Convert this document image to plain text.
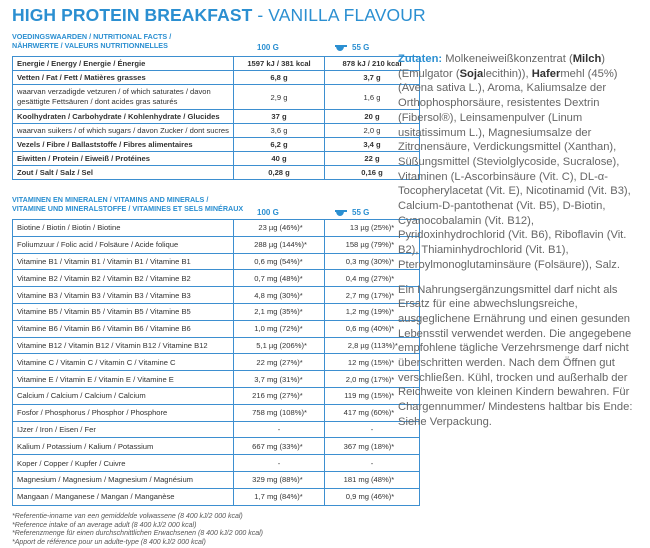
HIGH PROTEIN BREAKFAST - VANILLA FLAVOUR
VOEDINGSWAARDEN / NUTRITIONAL FACTS /
NÄHRWERTE / VALEURS NUTRITIONNELLES	100 G	55 G
Energie / Energy / Energie / Énergie	1597 kJ / 381 kcal	878 kJ / 210 kcal
Vetten / Fat / Fett / Matières grasses	6,8 g	3,7 g
waarvan verzadigde vetzuren / of which saturates / davon gesättigte Fettsäuren / dont acides gras saturés	2,9 g	1,6 g
Koolhydraten / Carbohydrate / Kohlenhydrate / Glucides	37 g	20 g
waarvan suikers / of which sugars / davon Zucker / dont sucres	3,6 g	2,0 g
Vezels / Fibre / Ballaststoffe / Fibres alimentaires	6,2 g	3,4 g
Eiwitten / Protein / Eiweiß / Protéines	40 g	22 g
Zout / Salt / Salz / Sel	0,28 g	0,16 g
VITAMINEN EN MINERALEN / VITAMINS AND MINERALS /
VITAMINE UND MINERALSTOFFE / VITAMINES ET SELS MINÉRAUX 100 G	55 G
Biotine / Biotin / Biotin / Biotine	23 µg (46%)*	13 µg (25%)*
Foliumzuur / Folic acid / Folsäure / Acide folique	288 µg (144%)*	158 µg (79%)*
Vitamine B1 / Vitamin B1 / Vitamin B1 / Vitamine B1	0,6 mg (54%)*	0,3 mg (30%)*
Vitamine B2 / Vitamin B2 / Vitamin B2 / Vitamine B2	0,7 mg (48%)*	0,4 mg (27%)*
Vitamine B3 / Vitamin B3 / Vitamin B3 / Vitamine B3	4,8 mg (30%)*	2,7 mg (17%)*
Vitamine B5 / Vitamin B5 / Vitamin B5 / Vitamine B5	2,1 mg (35%)*	1,2 mg (19%)*
Vitamine B6 / Vitamin B6 / Vitamin B6 / Vitamine B6	1,0 mg (72%)*	0,6 mg (40%)*
Vitamine B12 / Vitamin B12 / Vitamin B12 / Vitamine B12	5,1 µg (206%)*	2,8 µg (113%)*
Vitamine C / Vitamin C / Vitamin C / Vitamine C	22 mg (27%)*	12 mg (15%)*
Vitamine E / Vitamin E / Vitamin E / Vitamine E	3,7 mg (31%)*	2,0 mg (17%)*
Calcium / Calcium / Calcium / Calcium	216 mg (27%)*	119 mg (15%)*
Fosfor / Phosphorus / Phosphor / Phosphore	758 mg (108%)*	417 mg (60%)*
IJzer / Iron / Eisen / Fer	-	-
Kalium / Potassium / Kalium / Potassium	667 mg (33%)*	367 mg (18%)*
Koper / Copper / Kupfer / Cuivre	-	-
Magnesium / Magnesium / Magnesium / Magnésium	329 mg (88%)*	181 mg (48%)*
Mangaan / Manganese / Mangan / Manganèse	1,7 mg (84%)*	0,9 mg (46%)*
*Referentie-inname van een gemiddelde volwassene (8 400 kJ/2 000 kcal)
*Reference intake of an average adult (8 400 kJ/2 000 kcal)
*Referenzmenge für einen durchschnittlichen Erwachsenen (8 400 kJ/2 000 kcal)
*Apport de référence pour un adulte-type (8 400 kJ/2 000 kcal)

Zutaten: Molkeneiweißkonzentrat (Milch) (Emulgator (Sojalecithin)), Hafermehl (45%) (Avena sativa L.), Aroma, Kaliumsalze der Orthophosphorsäure, resistentes Dextrin (Fibersol®), Leinsamenpulver (Linum usitatissimum L.), Magnesiumsalze der Zitronensäure, Verdickungsmittel (Xanthan), Süßungsmittel (Steviolglycoside, Sucralose), Vitaminen (L-Ascorbinsäure (Vit. C), DL-α-Tocopherylacetat (Vit. E), Nicotinamid (Vit. B3), Calcium-D-pantothenat (Vit. B5), D-Biotin, Cyanocobalamin (Vit. B12), Pyridoxinhydrochlorid (Vit. B6), Riboflavin (Vit. B2), Thiaminhydrochlorid (Vit. B1), Pteroylmonoglutaminsäure (Folsäure)), Salz.

Ein Nahrungsergänzungsmittel darf nicht als Ersatz für eine abwechslungsreiche, ausgeglichene Ernährung und einen gesunden Lebensstil verwendet werden. Die angegebene empfohlene tägliche Verzehrsmenge darf nicht überschritten werden. Nach dem Öffnen gut verschließen. Kühl, trocken und außerhalb der Reichweite von kleinen Kindern bewahren. Für Chargennummer/ Mindestens haltbar bis Ende: Siehe Verpackung.
